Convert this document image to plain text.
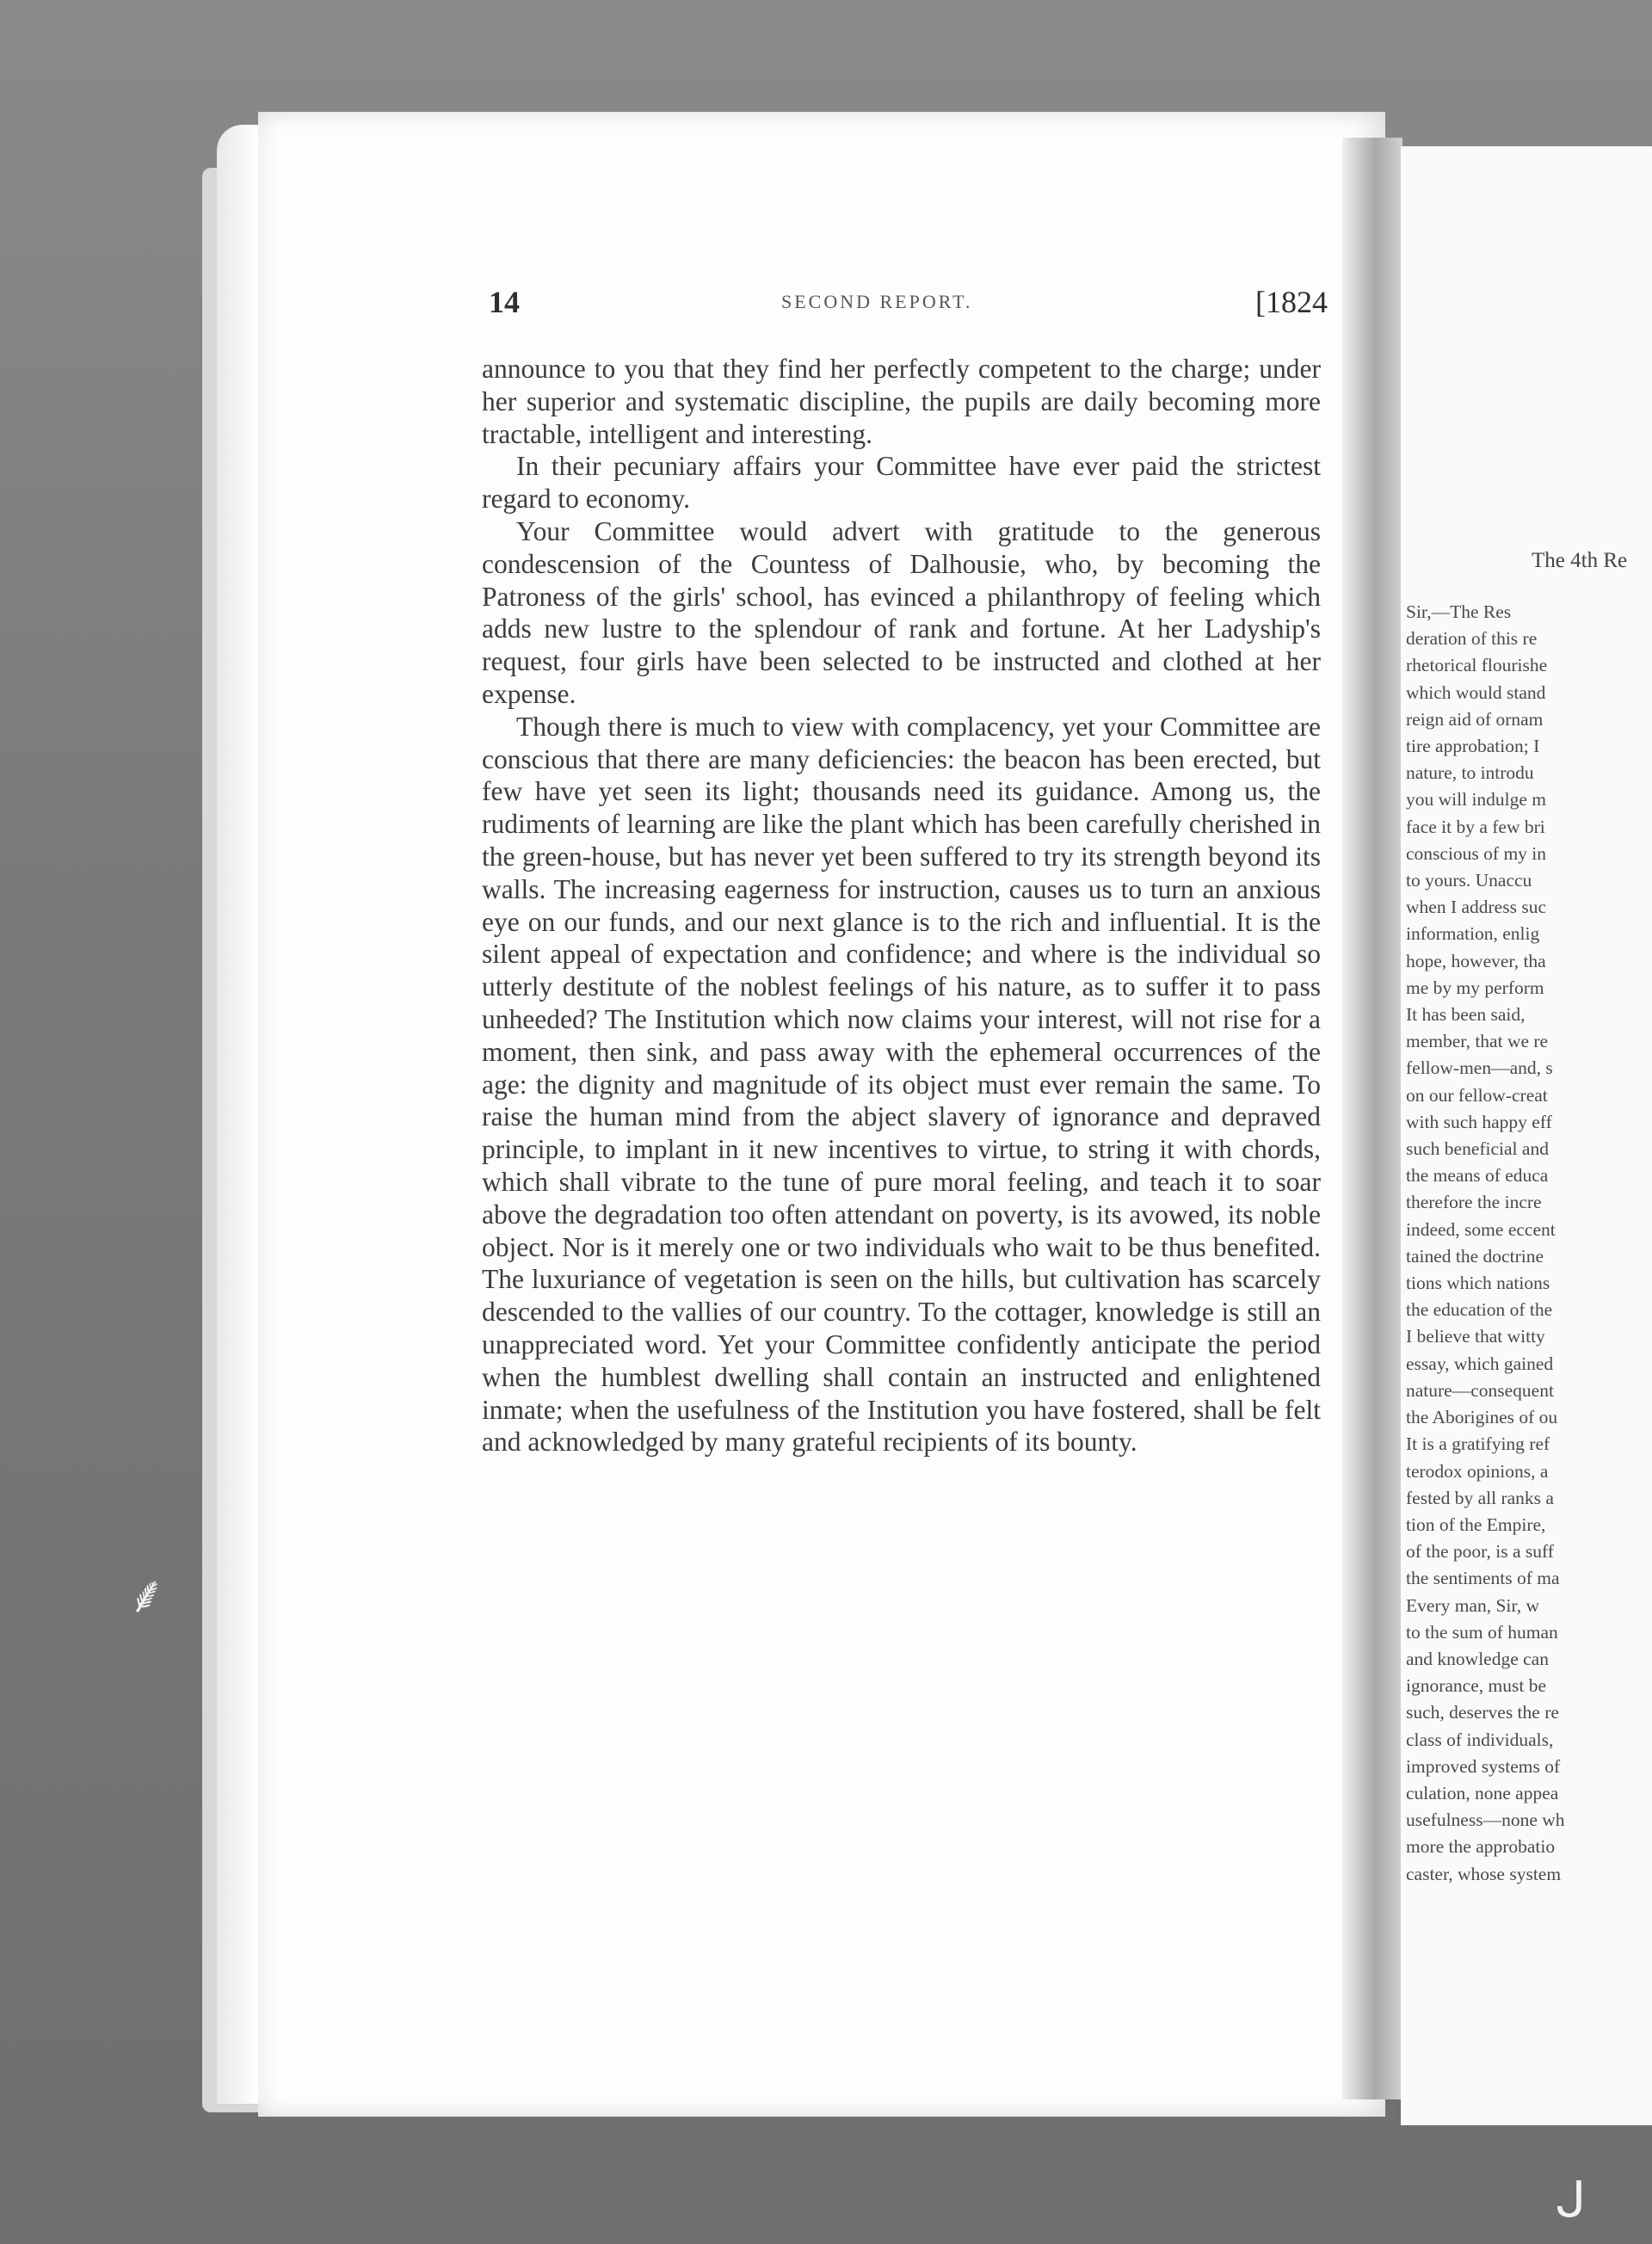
The 4th Re
Sir,—The Res
deration of this re
rhetorical flourishe
which would stand
reign aid of ornam
tire approbation; I
nature, to introdu
you will indulge m
face it by a few bri
conscious of my in
to yours. Unaccu
when I address suc
information, enlig
hope, however, tha
me by my perform
It has been said,
member, that we re
fellow-men—and, s
on our fellow-creat
with such happy eff
such beneficial and
the means of educa
therefore the incre
indeed, some eccent
tained the doctrine
tions which nations
the education of the
I believe that witty
essay, which gained
nature—consequent
the Aborigines of ou
It is a gratifying ref
terodox opinions, a
fested by all ranks a
tion of the Empire,
of the poor, is a suff
the sentiments of ma
Every man, Sir, w
to the sum of human
and knowledge can
ignorance, must be
such, deserves the re
class of individuals,
improved systems of
culation, none appea
usefulness—none wh
more the approbatio
caster, whose system
14	SECOND REPORT.	[1824

announce to you that they find her perfectly competent to the charge; under her superior and systematic discipline, the pupils are daily becoming more tractable, intelligent and interesting.

In their pecuniary affairs your Committee have ever paid the strictest regard to economy.

Your Committee would advert with gratitude to the generous condescension of the Countess of Dalhousie, who, by becoming the Patroness of the girls' school, has evinced a philanthropy of feeling which adds new lustre to the splendour of rank and fortune. At her Ladyship's request, four girls have been selected to be instructed and clothed at her expense.

Though there is much to view with complacency, yet your Committee are conscious that there are many deficiencies: the beacon has been erected, but few have yet seen its light; thousands need its guidance. Among us, the rudiments of learning are like the plant which has been carefully cherished in the green-house, but has never yet been suffered to try its strength beyond its walls. The increasing eagerness for instruction, causes us to turn an anxious eye on our funds, and our next glance is to the rich and influential. It is the silent appeal of expectation and confidence; and where is the individual so utterly destitute of the noblest feelings of his nature, as to suffer it to pass unheeded? The Institution which now claims your interest, will not rise for a moment, then sink, and pass away with the ephemeral occurrences of the age: the dignity and magnitude of its object must ever remain the same. To raise the human mind from the abject slavery of ignorance and depraved principle, to implant in it new incentives to virtue, to string it with chords, which shall vibrate to the tune of pure moral feeling, and teach it to soar above the degradation too often attendant on poverty, is its avowed, its noble object. Nor is it merely one or two individuals who wait to be thus benefited. The luxuriance of vegetation is seen on the hills, but cultivation has scarcely descended to the vallies of our country. To the cottager, knowledge is still an unappreciated word. Yet your Committee confidently anticipate the period when the humblest dwelling shall contain an instructed and enlightened inmate; when the usefulness of the Institution you have fostered, shall be felt and acknowledged by many grateful recipients of its bounty.

⸙
ᒍ
